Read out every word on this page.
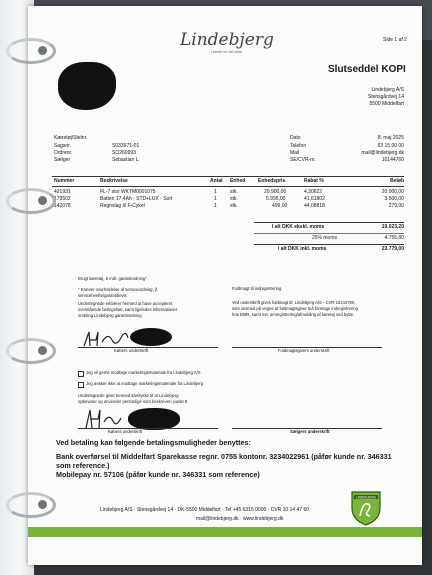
Lindebjerg
– i stedet for det vilde
Side 1 af 2
Slutseddel KOPI
Lindebjerg A/S
Stensgårdvej 14
5500 Middelfart
Kæretøj/Stelnr.
Sagsnr.	S033971-01
Ordrenr.	SO260993
Sælger	Sebastian L.
Dato	8. maj 2025
Telefon	63 15 00 00
Mail	mail@lindebjerg.dk
SE/CVR-nr.	10144760
Nummer	Beskrivelse	Antal Enhed	Enhedspris	Rabat %	Beløb
421931	FL-7 stol WKTM0001075	1	stk.	20.900,00	4,30622	20.000,00
179502	Batteri 17,4Ah - STD+LUX - Sort	1	stk.	5.995,00	41,61802	3.500,00
142078	Regnslag til F-Cykel	1	stk.	499,00	44,08818	279,00
I alt DKK ekskl. moms	19.023,20
25% moms	4.755,80
I alt DKK inkl. moms	23.779,00
Brugt kæretøj, 6 mdr. garantiordning*
* Kræver overholdelse af serviceordning, jf.
serviceheefte/garantibevis
Undertegnede erklærer hermed at have accepteret
overstående betingelser, samt ligeledes informationer
omkring Lindebjerg garantiordning
Købers underskrift
Jeg vil gerne modtage marketingsmateriale fra Lindebjerg A/S
Jeg ønsker ikke at modtage marketingsmateriale fra Lindebjerg
Undertegnede giver hermed samtykke til at Lindebjerg
opbevarer og anvender personlige som beskrevet i punkt 8
Købers underskrift
Fuldmagt til indregistrering
Ved underskrift gives fuldmagt til: Lindebjerg A/S - CVR 10144760,
som dermed på vegne af fuldmagtsgiver må foretage indregistrering
hos DMR, samt evt. omregistrering/afmelding af køretøj ved bytte.
Fuldmagtsgivers underskrift
Sælgers underskrift
Ved betaling kan følgende betalingsmuligheder benyttes:
Bank overførsel til Middelfart Sparekasse regnr. 0755 kontonr. 3234022961 (påfør kunde nr. 346331 som reference.)
Mobilepay nr. 57106 (påfør kunde nr. 346331 som reference)
Lindebjerg A/S · Stensgårdvej 14 · DK-5500 Middelfart · Tel +45 6315 0000 · CVR 10 14 47 60
mail@lindebjerg.dk · www.lindebjerg.dk
LINDEBJERG
